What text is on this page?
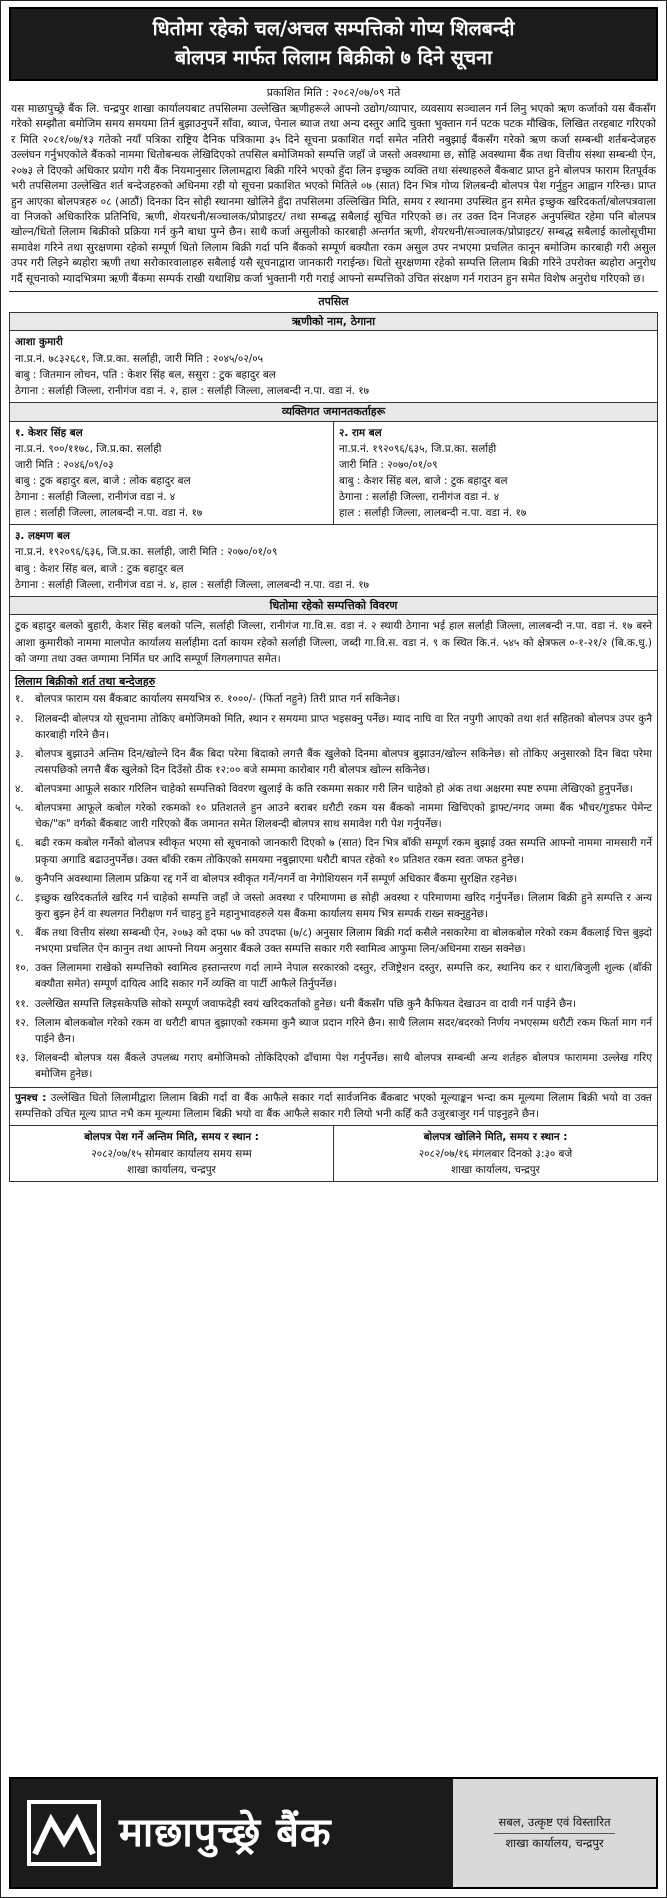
धितोमा रहेको चल/अचल सम्पत्तिको गोप्य शिलबन्दी
बोलपत्र मार्फत लिलाम बिक्रीको ७ दिने सूचना
प्रकाशित मिति : २०८२/०७/०९ गते

यस माछापुच्छ्रे बैंक लि. चन्द्रपुर शाखा कार्यालयबाट तपसिलमा उल्लेखित ऋणीहरूले आफ्नो उद्योग/व्यापार, व्यवसाय सञ्चालन गर्न लिनु भएको ऋण कर्जाको यस बैंकसँग गरेको सम्झौता बमोजिम समय समयमा तिर्न बुझाउनुपर्ने साँवा, ब्याज, पेनाल ब्याज तथा अन्य दस्तुर आदि चुक्ता भुक्तान गर्न पटक पटक मौखिक, लिखित तरहबाट गरिएको र मिति २०८१/०७/१३ गतेको नयाँ पत्रिका राष्ट्रिय दैनिक पत्रिकामा ३५ दिने सूचना प्रकाशित गर्दा समेत नतिरी नबुझाई बैंकसँग गरेको ऋण कर्जा सम्बन्धी शर्तबन्देजहरु उल्लंघन गर्नुभएकोले बैंकको नाममा धितोबन्धक लेखिदिएको तपसिल बमोजिमको सम्पत्ति जहाँ जे जस्तो अवस्थामा छ, सोहि अवस्थामा बैंक तथा वित्तीय संस्था सम्बन्धी ऐन, २०७३ ले दिएको अधिकार प्रयोग गरी बैंक नियमानुसार लिलामद्वारा बिक्री गरिने भएको हुँदा लिन इच्छुक व्यक्ति तथा संस्थाहरुले बैंकबाट प्राप्त हुने बोलपत्र फाराम रितपूर्वक भरी तपसिलमा उल्लेखित शर्त बन्देजहरुको अधिनमा रही यो सूचना प्रकाशित भएको मितिले ०७ (सात) दिन भित्र गोप्य शिलबन्दी बोलपत्र पेश गर्नुहुन आह्वान गरिन्छ। प्राप्त हुन आएका बोलपत्रहरु ०८ (आठौं) दिनका दिन सोही स्थानमा खोलिने हुँदा तपसिलमा उल्लिखित मिति, समय र स्थानमा उपस्थित हुन समेत इच्छुक खरिदकर्ता/बोलपत्रवाला वा निजको अधिकारिक प्रतिनिधि, ऋणी, शेयरधनी/सञ्चालक/प्रोप्राइटर/ तथा सम्बद्ध सबैलाई सूचित गरिएको छ। तर उक्त दिन निजहरु अनुपस्थित रहेमा पनि बोलपत्र खोल्न/धितो लिलाम बिक्रीको प्रक्रिया गर्न कुनै बाधा पुग्ने छैन। साथै कर्जा असुलीको कारबाही अन्तर्गत ऋणी, शेयरधनी/सञ्चालक/प्रोप्राइटर/ सम्बद्ध सबैलाई कालोसूचीमा समावेश गरिने तथा सुरक्षणमा रहेको सम्पूर्ण धितो लिलाम बिक्री गर्दा पनि बैंकको सम्पूर्ण बक्यौता रकम असुल उपर नभएमा प्रचलित कानून बमोजिम कारबाही गरी असुल उपर गरी लिइने ब्यहोरा ऋणी तथा सरोकारवालाहरु सबैलाई यसै सूचनाद्वारा जानकारी गराईन्छ। धितो सुरक्षणमा रहेको सम्पत्ति लिलाम बिक्री गरिने उपरोक्त ब्यहोरा अनुरोध गर्दै सूचनाको म्यादभित्रमा ऋणी बैंकमा सम्पर्क राखी यथाशिघ्र कर्जा भुक्तानी गरी गराई आफ्नो सम्पत्तिको उचित संरक्षण गर्न गराउन हुन समेत विशेष अनुरोध गरिएको छ।

तपसिल
ऋणीको नाम, ठेगाना
आशा कुमारी
ना.प्र.नं. ७८३२६८१, जि.प्र.का. सर्लाही, जारी मिति : २०४५/०२/०५
बाबु : जितमान लोचन, पति : केशर सिंह बल, ससुरा : टुक बहादुर बल
ठेगाना : सर्लाही जिल्ला, रानीगंज वडा नं. २, हाल : सर्लाही जिल्ला, लालबन्दी न.पा. वडा नं. १७
व्यक्तिगत जमानतकर्ताहरू
१. केशर सिंह बल
ना.प्र.नं. ९००/११७८, जि.प्र.का. सर्लाही
जारी मिति : २०४६/०९/०३
बाबु : टुक बहादुर बल, बाजे : लोक बहादुर बल
ठेगाना : सर्लाही जिल्ला, रानीगंज वडा नं. ४
हाल : सर्लाही जिल्ला, लालबन्दी न.पा. वडा नं. १७
२. राम बल
ना.प्र.नं. १९२०९६/६३५, जि.प्र.का. सर्लाही
जारी मिति : २०७०/०१/०९
बाबु : केशर सिंह बल, बाजे : टुक बहादुर बल
ठेगाना : सर्लाही जिल्ला, रानीगंज वडा नं. ४
हाल : सर्लाही जिल्ला, लालबन्दी न.पा. वडा नं. १७
३. लक्ष्मण बल
ना.प्र.नं. १९२०९६/६३६, जि.प्र.का. सर्लाही, जारी मिति : २०७०/०१/०९
बाबु : केशर सिंह बल, बाजे : टुक बहादुर बल
ठेगाना : सर्लाही जिल्ला, रानीगंज वडा नं. ४, हाल : सर्लाही जिल्ला, लालबन्दी न.पा. वडा नं. १७
धितोमा रहेको सम्पत्तिको विवरण
टुक बहादुर बलको बुहारी, केशर सिंह बलको पत्नि, सर्लाही जिल्ला, रानीगंज गा.वि.स. वडा नं. २ स्थायी ठेगाना भई हाल सर्लाही जिल्ला, लालबन्दी न.पा. वडा नं. १७ बस्ने आशा कुमारीको नाममा मालपोत कार्यालय सर्लाहीमा दर्ता कायम रहेको सर्लाही जिल्ला, जब्दी गा.वि.स. वडा नं. ९ क स्थित कि.नं. ५४५ को क्षेत्रफल ०-१-२१/२ (बि.क.धु.) को जग्गा तथा उक्त जग्गामा निर्मित घर आदि सम्पूर्ण लिगलगापत समेत।
लिलाम बिक्रीको शर्त तथा बन्देजहरु
१.	बोलपत्र फाराम यस बैंकबाट कार्यालय समयभित्र रु. १०००/- (फिर्ता नहुने) तिरी प्राप्त गर्न सकिनेछ।
२.	शिलबन्दी बोलपत्र यो सूचनामा तोकिए बमोजिमको मिति, स्थान र समयमा प्राप्त भइसक्नु पर्नेछ। म्याद नाघि वा रित नपुगी आएको तथा शर्त सहितको बोलपत्र उपर कुनै कारबाही गरिने छैन।
३.	बोलपत्र बुझाउने अन्तिम दिन/खोल्ने दिन बैंक बिदा परेमा बिदाको लगत्तै बैंक खुलेको दिनमा बोलपत्र बुझाउन/खोल्न सकिनेछ। सो तोकिए अनुसारको दिन बिदा परेमा त्यसपछिको लगत्तै बैंक खुलेको दिन दिउँसो ठीक १२:०० बजे सम्ममा कारोबार गरी बोलपत्र खोल्न सकिनेछ।
४.	बोलपत्रमा आफूले सकार गरिलिन चाहेको सम्पत्तिको विवरण खुलाई के कति रकममा सकार गरी लिन चाहेको हो अंक तथा अक्षरमा स्पष्ट रुपमा लेखिएको हुनुपर्नेछ।
५.	बोलपत्रमा आफूले कबोल गरेको रकमको १० प्रतिशतले हुन आउने बराबर धरौटी रकम यस बैंकको नाममा खिचिएको ड्राफ्ट/नगद जम्मा बैंक भौचर/गुडफर पेमेन्ट चेक/"क" वर्गको बैंकबाट जारी गरिएको बैंक जमानत समेत शिलबन्दी बोलपत्र साथ समावेश गरी पेश गर्नुपर्नेछ।
६.	बढी रकम कबोल गर्नेको बोलपत्र स्वीकृत भएमा सो सूचनाको जानकारी दिएको ७ (सात) दिन भित्र बाँकी सम्पूर्ण रकम बुझाई उक्त सम्पत्ति आफ्नो नाममा नामसारी गर्ने प्रकृया अगाडि बढाउनुपर्नेछ। उक्त बाँकी रकम तोकिएको समयमा नबुझाएमा धरौटी बापत रहेको १० प्रतिशत रकम स्वतः जफत हुनेछ।
७.	कुनैपनि अवस्थामा लिलाम प्रक्रिया रद्द गर्ने वा बोलपत्र स्वीकृत गर्ने/नगर्ने वा नेगोशियसन गर्ने सम्पूर्ण अधिकार बैंकमा सुरक्षित रहनेछ।
८.	इच्छुक खरिदकर्ताले खरिद गर्न चाहेको सम्पत्ति जहाँ जे जस्तो अवस्था र परिमाणमा छ सोही अवस्था र परिमाणमा खरिद गर्नुपर्नेछ। लिलाम बिक्री हुने सम्पत्ति र अन्य कुरा बुझ्न हेर्न वा स्थलगत निरीक्षण गर्न चाहनु हुने महानुभावहरुले यस बैंकमा कार्यालय समय भित्र सम्पर्क राख्न सक्नुहुनेछ।
९.	बैंक तथा वित्तीय संस्था सम्बन्धी ऐन, २०७३ को दफा ५७ को उपदफा (७/८) अनुसार लिलाम बिक्री गर्दा कसैले नसकारेमा वा बोलकबोल गरेको रकम बैंकलाई चित्त बुझ्दो नभएमा प्रचलित ऐन कानुन तथा आफ्नो नियम अनुसार बैंकले उक्त सम्पत्ति सकार गरी स्वामित्व आफुमा लिन/अधिनमा राख्न सक्नेछ।
१०. उक्त लिलाममा राखेको सम्पत्तिको स्वामित्व हस्तान्तरण गर्दा लाग्ने नेपाल सरकारको दस्तुर, रजिष्ट्रेशन दस्तुर, सम्पत्ति कर, स्थानिय कर र धारा/बिजुली शुल्क (बाँकी बक्यौता समेत) सम्पूर्ण दायित्व आदि सकार गर्ने व्यक्ति वा पार्टी आफैले तिर्नुपर्नेछ।
११. उल्लेखित सम्पत्ति लिइसकेपछि सोको सम्पूर्ण जवाफदेही स्वयं खरिदकर्ताको हुनेछ। धनी बैंकसँग पछि कुनै कैफियत देखाउन वा दावी गर्न पाईने छैन।
१२. लिलाम बोलकबोल गरेको रकम वा धरौटी बापत बुझाएको रकममा कुनै ब्याज प्रदान गरिने छैन। साथै लिलाम सदर/बदरको निर्णय नभएसम्म धरौटी रकम फिर्ता माग गर्न पाईने छैन।
१३. शिलबन्दी बोलपत्र यस बैंकले उपलब्ध गराए बमोजिमको तोकिदिएको ढाँचामा पेश गर्नुपर्नेछ। साथै बोलपत्र सम्बन्धी अन्य शर्तहरु बोलपत्र फाराममा उल्लेख गरिए बमोजिम हुनेछ।
पुनश्च : उल्लेखित धितो लिलामीद्वारा लिलाम बिक्री गर्दा वा बैंक आफैले सकार गर्दा सार्वजनिक बैंकबाट भएको मूल्याङ्कन भन्दा कम मूल्यमा लिलाम बिक्री भयो वा उक्त सम्पत्तिको उचित मूल्य प्राप्त नभै कम मूल्यमा लिलाम बिक्री भयो वा बैंक आफैले सकार गरी लियो भनी कहिँ कतै उजुरबाजुर गर्न पाइनुहने छैन।
बोलपत्र पेश गर्ने अन्तिम मिति, समय र स्थान :
२०८२/०७/१५ सोमबार कार्यालय समय सम्म
शाखा कार्यालय, चन्द्रपुर
बोलपत्र खोलिने मिति, समय र स्थान :
२०८२/०७/१६ मंगलबार दिनको ३:३० बजे
शाखा कार्यालय, चन्द्रपुर
माछापुच्छ्रे बैंक	सबल, उत्कृष्ट एवं विस्तारित
शाखा कार्यालय, चन्द्रपुर
